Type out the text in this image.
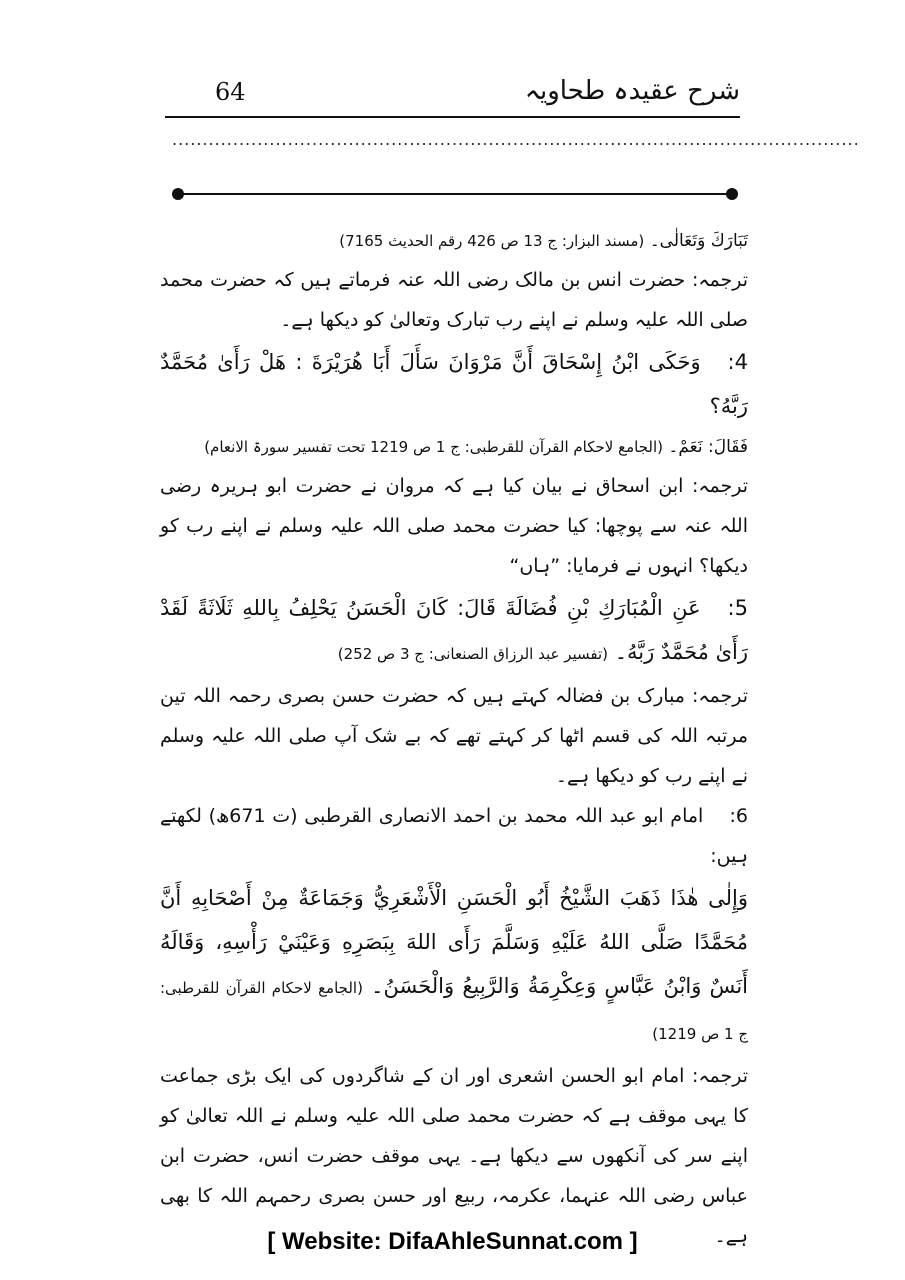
شرح عقیدہ طحاویہ
64
.................................................................................................................

تَبَارَكَ وَتَعَالٰی۔ (مسند البزار: ج 13 ص 426 رقم الحدیث 7165)

ترجمہ: حضرت انس بن مالک رضی اللہ عنہ فرماتے ہیں کہ حضرت محمد صلی اللہ علیہ وسلم نے اپنے رب تبارک وتعالیٰ کو دیکھا ہے۔

4: وَحَكَى ابْنُ إِسْحَاقَ أَنَّ مَرْوَانَ سَأَلَ أَبَا هُرَيْرَةَ : هَلْ رَأَىٰ مُحَمَّدٌ رَبَّهُ؟

فَقَالَ: نَعَمْ۔ (الجامع لاحکام القرآن للقرطبی: ج 1 ص 1219 تحت تفسیر سورۃ الانعام)

ترجمہ: ابن اسحاق نے بیان کیا ہے کہ مروان نے حضرت ابو ہریرہ رضی اللہ عنہ سے پوچھا: کیا حضرت محمد صلی اللہ علیہ وسلم نے اپنے رب کو دیکھا؟ انہوں نے فرمایا: ”ہاں“

5: عَنِ الْمُبَارَكِ بْنِ فُضَالَةَ قَالَ: كَانَ الْحَسَنُ يَحْلِفُ بِاللهِ ثَلَاثَةً لَقَدْ رَأَىٰ مُحَمَّدٌ رَبَّهُ۔ (تفسیر عبد الرزاق الصنعانی: ج 3 ص 252)

ترجمہ: مبارک بن فضالہ کہتے ہیں کہ حضرت حسن بصری رحمہ اللہ تین مرتبہ اللہ کی قسم اٹھا کر کہتے تھے کہ بے شک آپ صلی اللہ علیہ وسلم نے اپنے رب کو دیکھا ہے۔

6: امام ابو عبد اللہ محمد بن احمد الانصاری القرطبی (ت 671ھ) لکھتے ہیں:

وَإِلٰى هٰذَا ذَهَبَ الشَّيْخُ أَبُو الْحَسَنِ الْأَشْعَرِيُّ وَجَمَاعَةٌ مِنْ أَصْحَابِهِ أَنَّ مُحَمَّدًا صَلَّى اللهُ عَلَيْهِ وَسَلَّمَ رَأَى اللهَ بِبَصَرِهِ وَعَيْنَيْ رَأْسِهِ، وَقَالَهُ أَنَسٌ وَابْنُ عَبَّاسٍ وَعِكْرِمَةُ وَالرَّبِيعُ وَالْحَسَنُ۔ (الجامع لاحکام القرآن للقرطبی: ج 1 ص 1219)

ترجمہ: امام ابو الحسن اشعری اور ان کے شاگردوں کی ایک بڑی جماعت کا یہی موقف ہے کہ حضرت محمد صلی اللہ علیہ وسلم نے اللہ تعالیٰ کو اپنے سر کی آنکھوں سے دیکھا ہے۔ یہی موقف حضرت انس، حضرت ابن عباس رضی اللہ عنہما، عکرمہ، ربیع اور حسن بصری رحمہم اللہ کا بھی ہے۔

[ Website: DifaAhleSunnat.com ]
